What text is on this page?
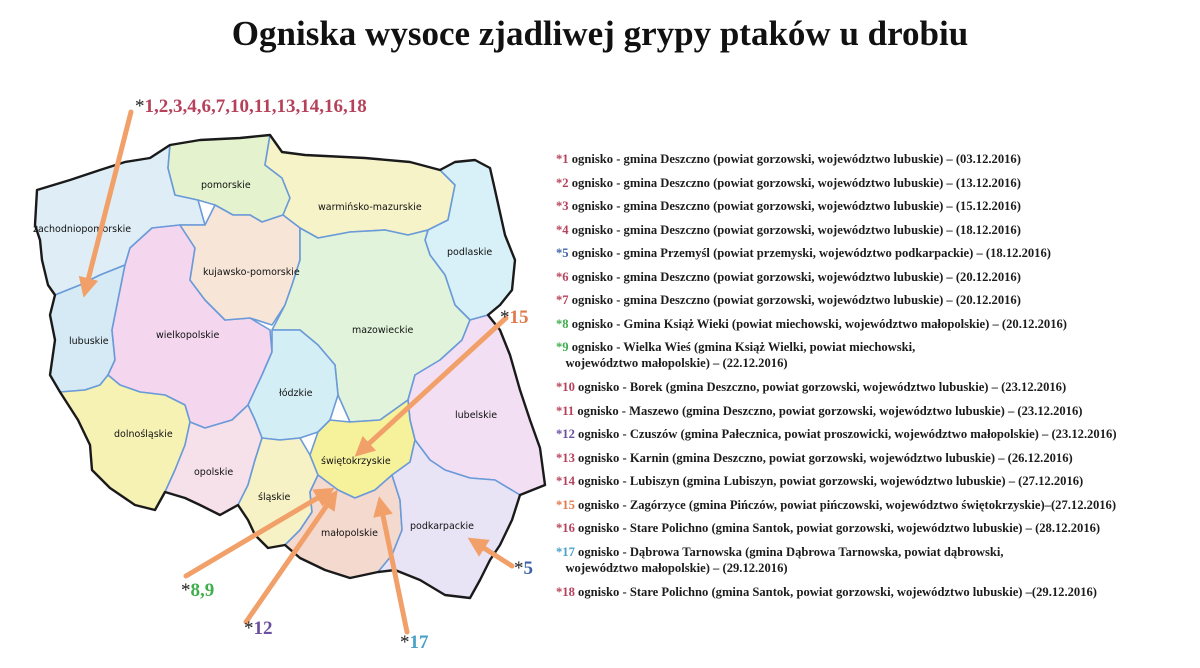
Ogniska wysoce zjadliwej grypy ptaków u drobiu
zachodniopomorskie
pomorskie
warmińsko-mazurskie
podlaskie
lubuskie
wielkopolskie
kujawsko-pomorskie
mazowieckie
łódzkie
lubelskie
dolnośląskie
opolskie
śląskie
świętokrzyskie
małopolskie
podkarpackie
*1,2,3,4,6,7,10,11,13,14,16,18
*15
*5
*8,9
*12
*17
*1 ognisko - gmina Deszczno (powiat gorzowski, województwo lubuskie) – (03.12.2016)
*2 ognisko - gmina Deszczno (powiat gorzowski, województwo lubuskie) – (13.12.2016)
*3 ognisko - gmina Deszczno (powiat gorzowski, województwo lubuskie) – (15.12.2016)
*4 ognisko - gmina Deszczno (powiat gorzowski, województwo lubuskie) – (18.12.2016)
*5 ognisko - gmina Przemyśl (powiat przemyski, województwo podkarpackie) – (18.12.2016)
*6 ognisko - gmina Deszczno (powiat gorzowski, województwo lubuskie) – (20.12.2016)
*7 ognisko - gmina Deszczno (powiat gorzowski, województwo lubuskie) – (20.12.2016)
*8 ognisko - Gmina Książ Wieki (powiat miechowski, województwo małopolskie) – (20.12.2016)
*9 ognisko - Wielka Wieś (gmina Książ Wielki, powiat miechowski,
województwo małopolskie) – (22.12.2016)
*10 ognisko - Borek (gmina Deszczno, powiat gorzowski, województwo lubuskie) – (23.12.2016)
*11 ognisko - Maszewo (gmina Deszczno, powiat gorzowski, województwo lubuskie) – (23.12.2016)
*12 ognisko - Czuszów (gmina Pałecznica, powiat proszowicki, województwo małopolskie) – (23.12.2016)
*13 ognisko - Karnin (gmina Deszczno, powiat gorzowski, województwo lubuskie) – (26.12.2016)
*14 ognisko - Lubiszyn (gmina Lubiszyn, powiat gorzowski, województwo lubuskie) – (27.12.2016)
*15 ognisko - Zagórzyce (gmina Pińczów, powiat pińczowski, województwo świętokrzyskie)–(27.12.2016)
*16 ognisko - Stare Polichno (gmina Santok, powiat gorzowski, województwo lubuskie) – (28.12.2016)
*17 ognisko - Dąbrowa Tarnowska (gmina Dąbrowa Tarnowska, powiat dąbrowski,
województwo małopolskie) – (29.12.2016)
*18 ognisko - Stare Polichno (gmina Santok, powiat gorzowski, województwo lubuskie) –(29.12.2016)
